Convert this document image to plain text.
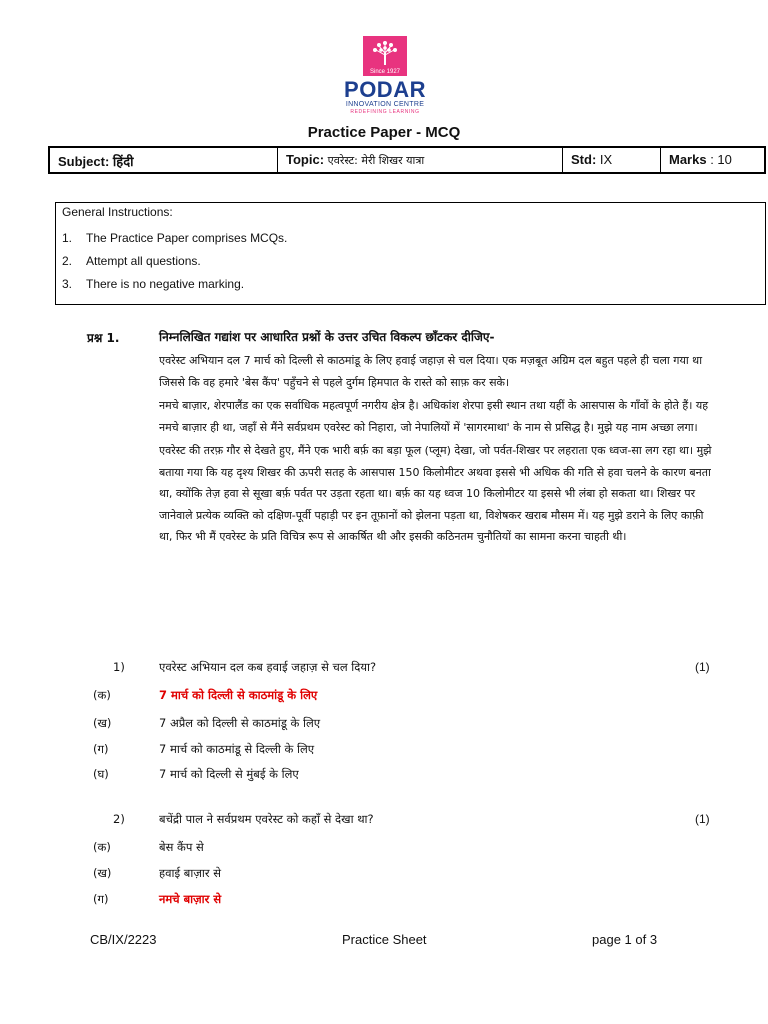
Since 1927
PODAR
INNOVATION CENTRE
REDEFINING LEARNING
Practice Paper - MCQ
Subject: हिंदी	Topic: एवरेस्ट: मेरी शिखर यात्रा	Std: IX	Marks : 10
General Instructions:
1.	The Practice Paper comprises MCQs.
2.	Attempt all questions.
3.	There is no negative marking.
प्रश्न 1.	निम्नलिखित गद्यांश पर आधारित प्रश्नों के उत्तर उचित विकल्प छाँटकर दीजिए-

एवरेस्ट अभियान दल 7 मार्च को दिल्ली से काठमांडू के लिए हवाई जहाज़ से चल दिया। एक मज़बूत अग्रिम दल बहुत पहले ही चला गया था जिससे कि वह हमारे 'बेस कैंप' पहुँचने से पहले दुर्गम हिमपात के रास्ते को साफ़ कर सके।

नमचे बाज़ार, शेरपालैंड का एक सर्वाधिक महत्वपूर्ण नगरीय क्षेत्र है। अधिकांश शेरपा इसी स्थान तथा यहीं के आसपास के गाँवों के होते हैं। यह नमचे बाज़ार ही था, जहाँ से मैंने सर्वप्रथम एवरेस्ट को निहारा, जो नेपालियों में 'सागरमाथा' के नाम से प्रसिद्ध है। मुझे यह नाम अच्छा लगा।

एवरेस्ट की तरफ़ गौर से देखते हुए, मैंने एक भारी बर्फ़ का बड़ा फूल (प्लूम) देखा, जो पर्वत-शिखर पर लहराता एक ध्वज-सा लग रहा था। मुझे बताया गया कि यह दृश्य शिखर की ऊपरी सतह के आसपास 150 किलोमीटर अथवा इससे भी अधिक की गति से हवा चलने के कारण बनता था, क्योंकि तेज़ हवा से सूखा बर्फ़ पर्वत पर उड़ता रहता था। बर्फ़ का यह ध्वज 10 किलोमीटर या इससे भी लंबा हो सकता था। शिखर पर जानेवाले प्रत्येक व्यक्ति को दक्षिण-पूर्वी पहाड़ी पर इन तूफ़ानों को झेलना पड़ता था, विशेषकर खराब मौसम में। यह मुझे डराने के लिए काफ़ी था, फिर भी मैं एवरेस्ट के प्रति विचित्र रूप से आकर्षित थी और इसकी कठिनतम चुनौतियों का सामना करना चाहती थी।

1)	एवरेस्ट अभियान दल कब हवाई जहाज़ से चल दिया?	(1)
(क)	7 मार्च को दिल्ली से काठमांडू के लिए
(ख)	7 अप्रैल को दिल्ली से काठमांडू के लिए
(ग)	7 मार्च को काठमांडू से दिल्ली के लिए
(घ)	7 मार्च को दिल्ली से मुंबई के लिए
2)	बचेंद्री पाल ने सर्वप्रथम एवरेस्ट को कहाँ से देखा था?	(1)
(क)	बेस कैंप से
(ख)	हवाई बाज़ार से
(ग)	नमचे बाज़ार से
CB/IX/2223	Practice Sheet	page 1 of 3
